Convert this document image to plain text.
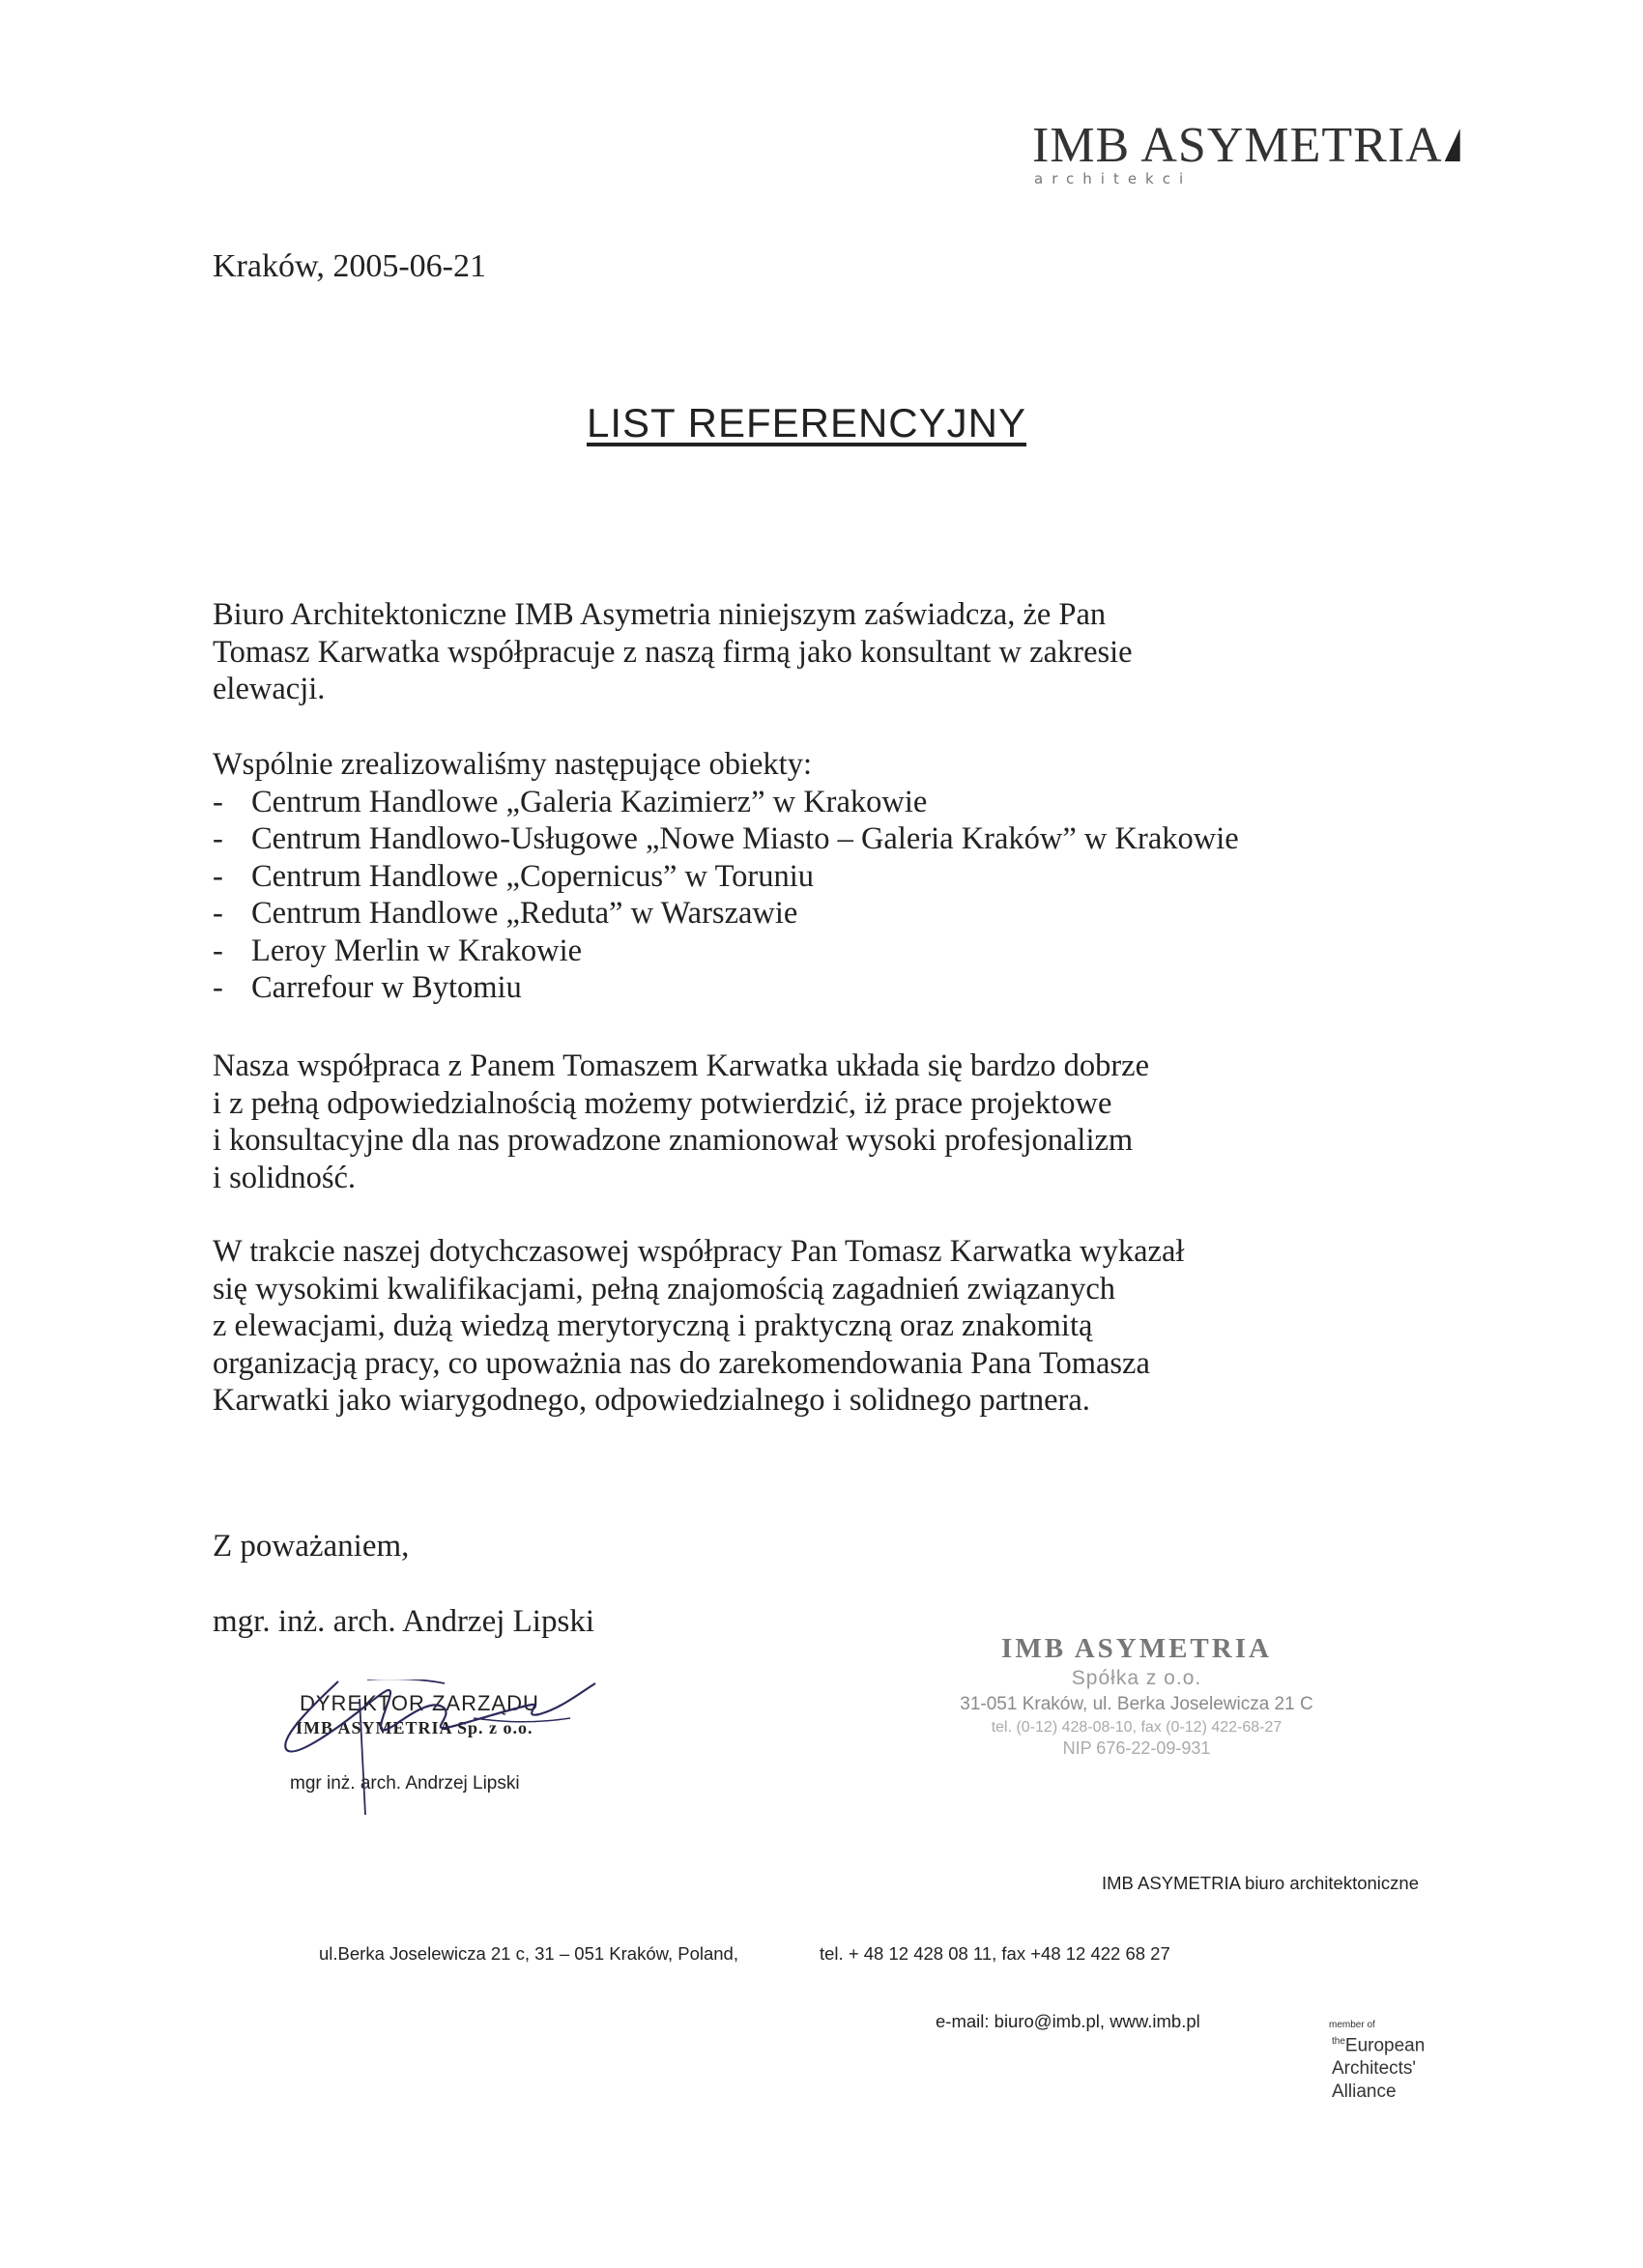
IMB ASYMETRIA
architekci
Kraków, 2005-06-21
LIST REFERENCYJNY

Biuro Architektoniczne IMB Asymetria niniejszym zaświadcza, że Pan

Tomasz Karwatka współpracuje z naszą firmą jako konsultant w zakresie

elewacji.

Wspólnie zrealizowaliśmy następujące obiekty:

- Centrum Handlowe „Galeria Kazimierz” w Krakowie
- Centrum Handlowo-Usługowe „Nowe Miasto – Galeria Kraków” w Krakowie
- Centrum Handlowe „Copernicus” w Toruniu
- Centrum Handlowe „Reduta” w Warszawie
- Leroy Merlin w Krakowie
- Carrefour w Bytomiu

Nasza współpraca z Panem Tomaszem Karwatka układa się bardzo dobrze

i z pełną odpowiedzialnością możemy potwierdzić, iż prace projektowe

i konsultacyjne dla nas prowadzone znamionował wysoki profesjonalizm

i solidność.

W trakcie naszej dotychczasowej współpracy Pan Tomasz Karwatka wykazał

się wysokimi kwalifikacjami, pełną znajomością zagadnień związanych

z elewacjami, dużą wiedzą merytoryczną i praktyczną oraz znakomitą

organizacją pracy, co upoważnia nas do zarekomendowania Pana Tomasza

Karwatki jako wiarygodnego, odpowiedzialnego i solidnego partnera.

Z poważaniem,
mgr. inż. arch. Andrzej Lipski
DYREKTOR ZARZĄDU
IMB ASYMETRIA Sp. z o.o.
mgr inż. arch. Andrzej Lipski
IMB ASYMETRIA
Spółka z o.o.
31-051 Kraków, ul. Berka Joselewicza 21 C
tel. (0-12) 428-08-10, fax (0-12) 422-68-27
NIP 676-22-09-931
IMB ASYMETRIA biuro architektoniczne
ul.Berka Joselewicza 21 c, 31 – 051 Kraków, Poland,	tel. + 48 12 428 08 11, fax +48 12 422 68 27
e-mail: biuro@imb.pl, www.imb.pl	member of
$^{the}$European
Architects'
Alliance
